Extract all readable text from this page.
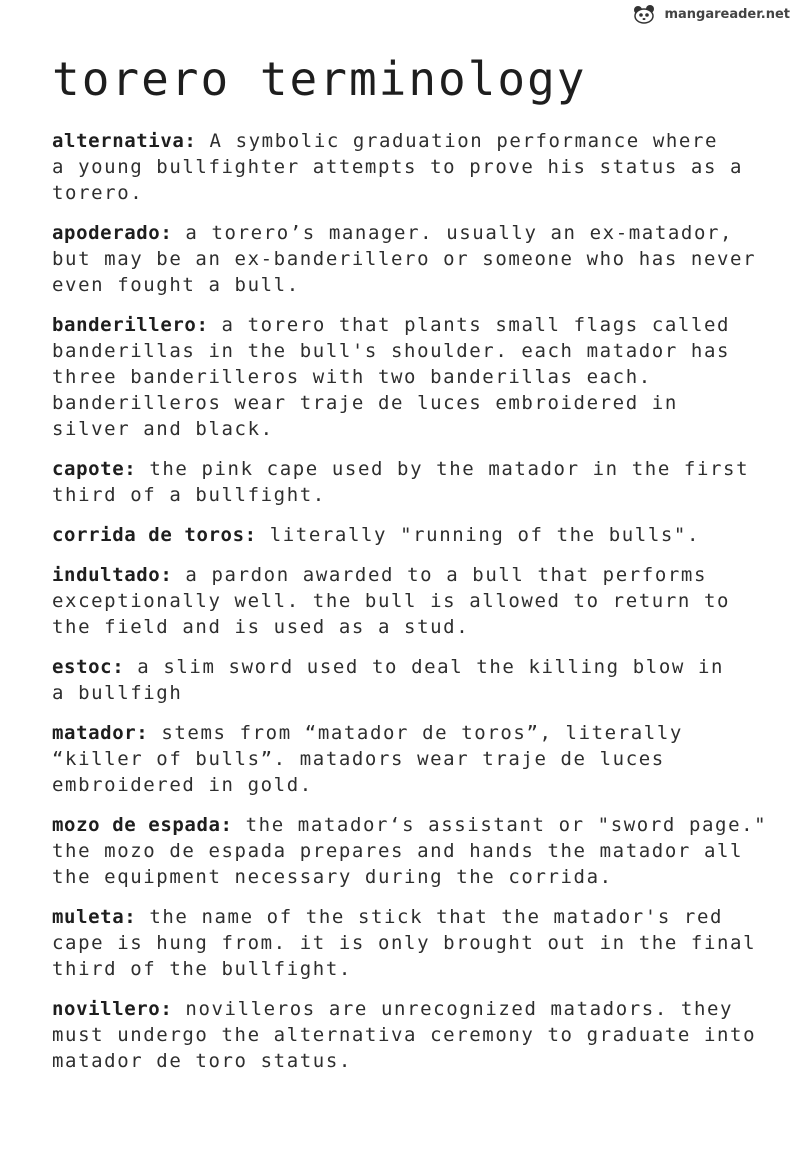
mangareader.net
torero terminology

alternativa: A symbolic graduation performance where
a young bullfighter attempts to prove his status as a
torero.

apoderado: a torero’s manager. usually an ex-matador,
but may be an ex-banderillero or someone who has never
even fought a bull.

banderillero: a torero that plants small flags called
banderillas in the bull's shoulder. each matador has
three banderilleros with two banderillas each.
banderilleros wear traje de luces embroidered in
silver and black.

capote: the pink cape used by the matador in the first
third of a bullfight.

corrida de toros: literally "running of the bulls".

indultado: a pardon awarded to a bull that performs
exceptionally well. the bull is allowed to return to
the field and is used as a stud.

estoc: a slim sword used to deal the killing blow in
a bullfigh

matador: stems from “matador de toros”, literally
“killer of bulls”. matadors wear traje de luces
embroidered in gold.

mozo de espada: the matador‘s assistant or "sword page."
the mozo de espada prepares and hands the matador all
the equipment necessary during the corrida.

muleta: the name of the stick that the matador's red
cape is hung from. it is only brought out in the final
third of the bullfight.

novillero: novilleros are unrecognized matadors. they
must undergo the alternativa ceremony to graduate into
matador de toro status.
